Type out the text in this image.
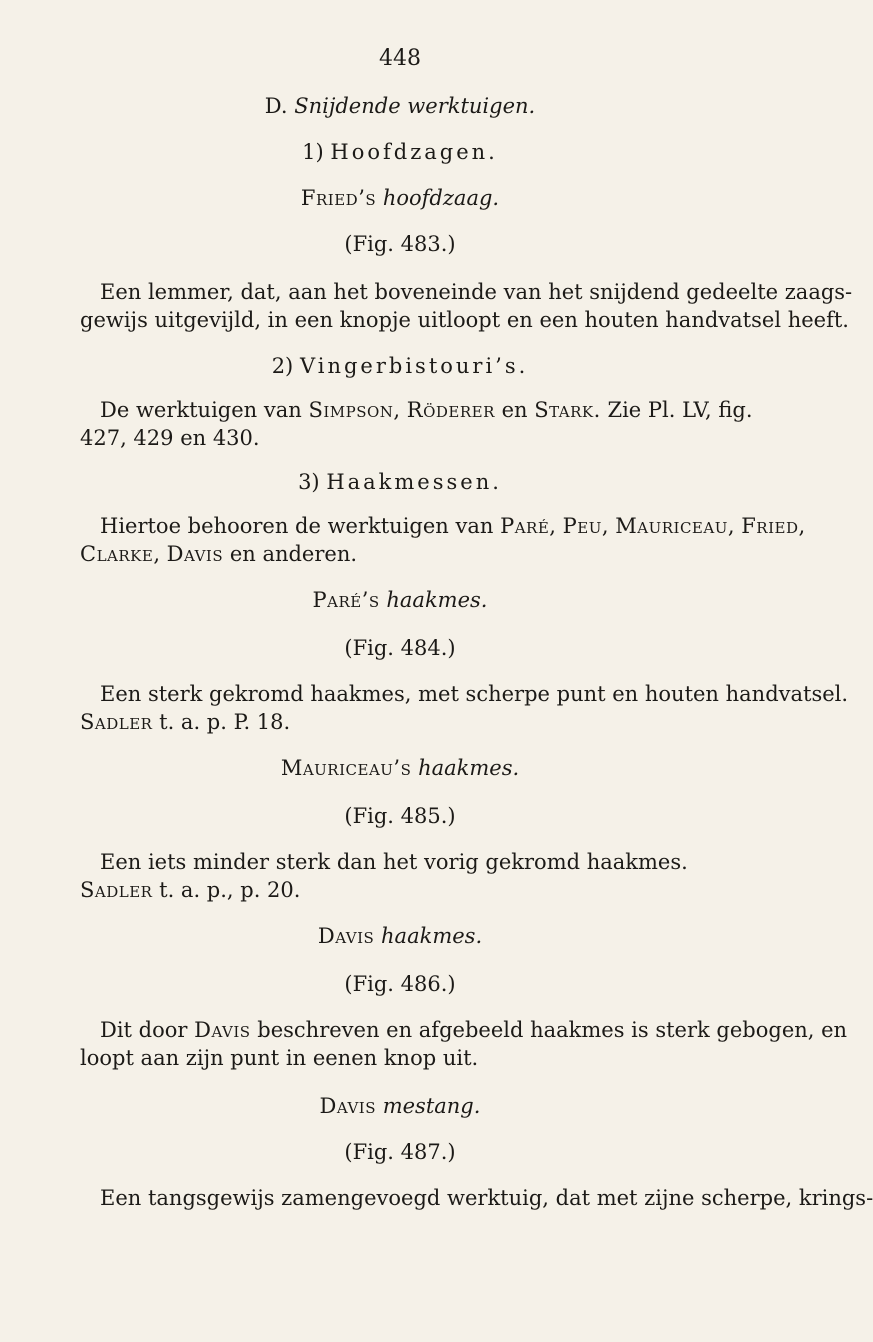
448
D. Snijdende werktuigen.
1) Hoofdzagen.
Fried’s hoofdzaag.
(Fig. 483.)
Een lemmer, dat, aan het boveneinde van het snijdend gedeelte zaags-
gewijs uitgevijld, in een knopje uitloopt en een houten handvatsel heeft.
2) Vingerbistouri’s.
De werktuigen van Simpson, Röderer en Stark. Zie Pl. LV, fig.
427, 429 en 430.
3) Haakmessen.
Hiertoe behooren de werktuigen van Paré, Peu, Mauriceau, Fried,
Clarke, Davis en anderen.
Paré’s haakmes.
(Fig. 484.)
Een sterk gekromd haakmes, met scherpe punt en houten handvatsel.
Sadler t. a. p. P. 18.
Mauriceau’s haakmes.
(Fig. 485.)
Een iets minder sterk dan het vorig gekromd haakmes.
Sadler t. a. p., p. 20.
Davis haakmes.
(Fig. 486.)
Dit door Davis beschreven en afgebeeld haakmes is sterk gebogen, en
loopt aan zijn punt in eenen knop uit.
Davis mestang.
(Fig. 487.)
Een tangsgewijs zamengevoegd werktuig, dat met zijne scherpe, krings-
